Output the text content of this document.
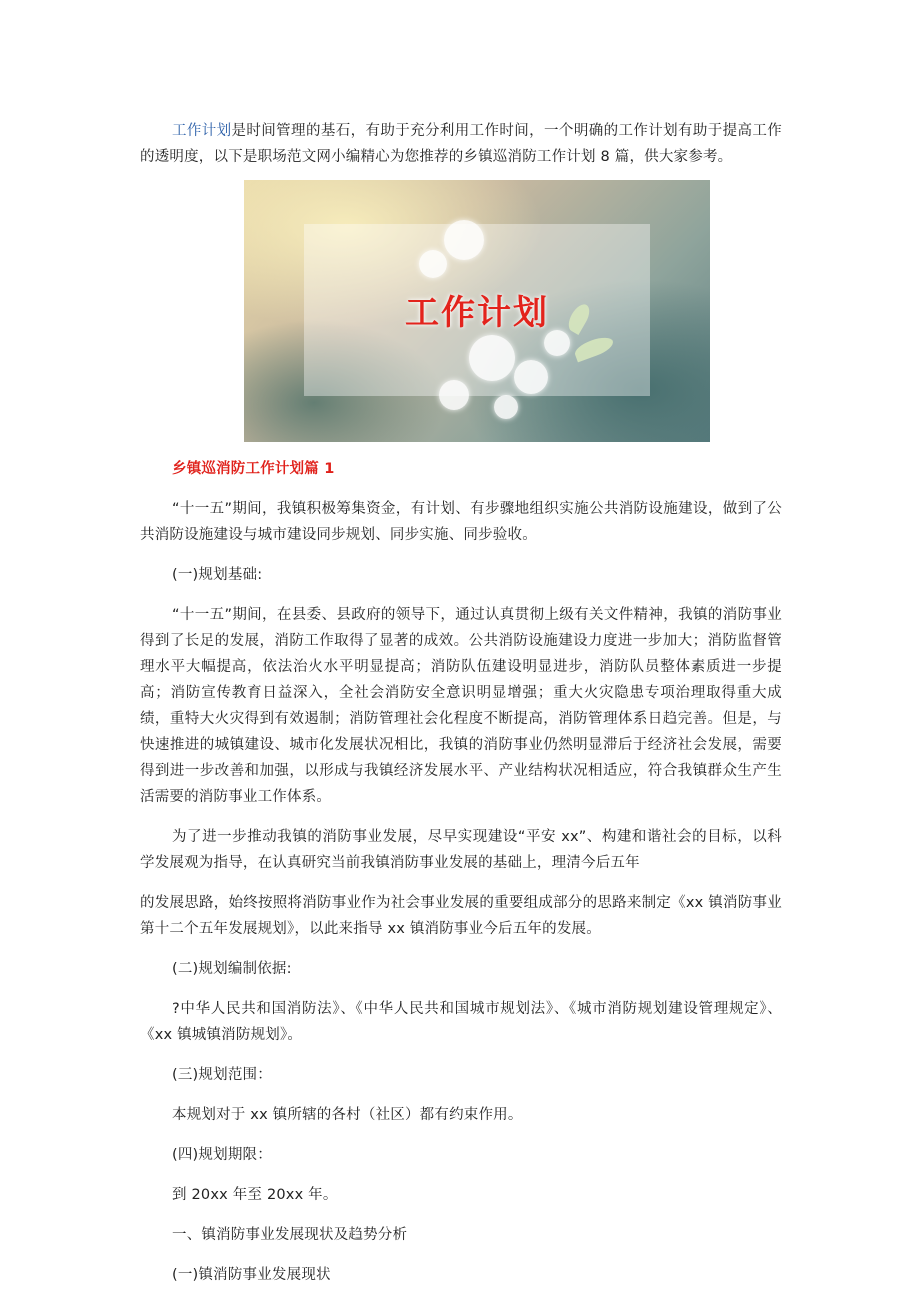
工作计划是时间管理的基石，有助于充分利用工作时间，一个明确的工作计划有助于提高工作的透明度，以下是职场范文网小编精心为您推荐的乡镇巡消防工作计划 8 篇，供大家参考。

工作计划

乡镇巡消防工作计划篇 1

“十一五”期间，我镇积极筹集资金，有计划、有步骤地组织实施公共消防设施建设，做到了公共消防设施建设与城市建设同步规划、同步实施、同步验收。

(一)规划基础:

“十一五”期间，在县委、县政府的领导下，通过认真贯彻上级有关文件精神，我镇的消防事业得到了长足的发展，消防工作取得了显著的成效。公共消防设施建设力度进一步加大；消防监督管理水平大幅提高，依法治火水平明显提高；消防队伍建设明显进步，消防队员整体素质进一步提高；消防宣传教育日益深入，全社会消防安全意识明显增强；重大火灾隐患专项治理取得重大成绩，重特大火灾得到有效遏制；消防管理社会化程度不断提高，消防管理体系日趋完善。但是，与快速推进的城镇建设、城市化发展状况相比，我镇的消防事业仍然明显滞后于经济社会发展，需要得到进一步改善和加强，以形成与我镇经济发展水平、产业结构状况相适应，符合我镇群众生产生活需要的消防事业工作体系。

为了进一步推动我镇的消防事业发展，尽早实现建设“平安 xx”、构建和谐社会的目标，以科学发展观为指导，在认真研究当前我镇消防事业发展的基础上，理清今后五年

的发展思路，始终按照将消防事业作为社会事业发展的重要组成部分的思路来制定《xx 镇消防事业第十二个五年发展规划》，以此来指导 xx 镇消防事业今后五年的发展。

(二)规划编制依据:

?中华人民共和国消防法》、《中华人民共和国城市规划法》、《城市消防规划建设管理规定》、《xx 镇城镇消防规划》。

(三)规划范围：

本规划对于 xx 镇所辖的各村（社区）都有约束作用。

(四)规划期限：

到 20xx 年至 20xx 年。

一、镇消防事业发展现状及趋势分析

(一)镇消防事业发展现状
